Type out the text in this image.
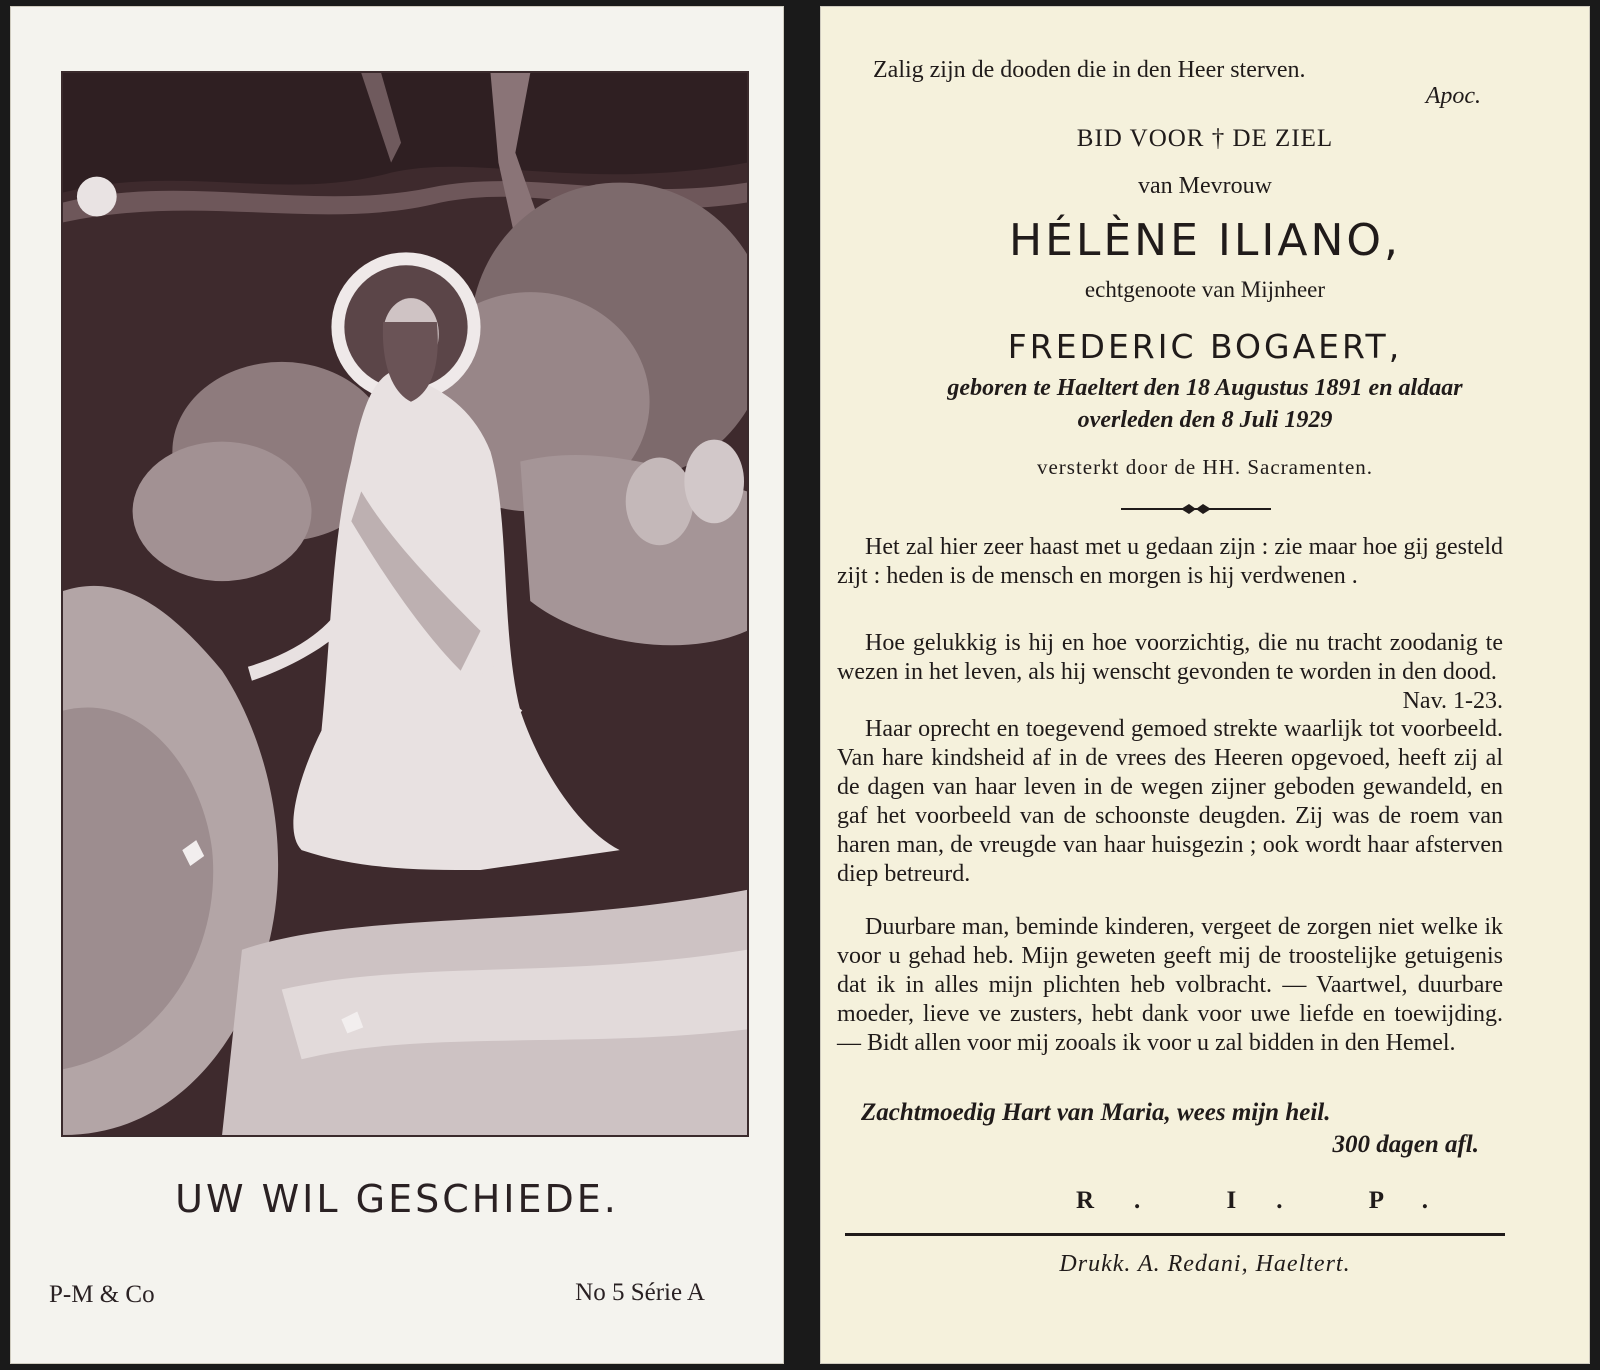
UW WIL GESCHIEDE.
P-M & Co	No 5 Série A
Zalig zijn de dooden die in den Heer sterven.
Apoc.
BID VOOR † DE ZIEL
van Mevrouw
HÉLÈNE ILIANO,
echtgenoote van Mijnheer
FREDERIC BOGAERT,
geboren te Haeltert den 18 Augustus 1891 en aldaar
overleden den 8 Juli 1929
versterkt door de HH. Sacramenten.
Het zal hier zeer haast met u gedaan zijn : zie maar hoe gij gesteld zijt : heden is de mensch en morgen is hij verdwenen .
Hoe gelukkig is hij en hoe voorzichtig, die nu tracht zoodanig te wezen in het leven, als hij wenscht gevonden te worden in den dood.
Nav. 1-23.
Haar oprecht en toegevend gemoed strekte waarlijk tot voorbeeld. Van hare kindsheid af in de vrees des Heeren opgevoed, heeft zij al de dagen van haar leven in de wegen zijner geboden gewandeld, en gaf het voorbeeld van de schoonste deugden. Zij was de roem van haren man, de vreugde van haar huisgezin ; ook wordt haar afsterven diep betreurd.
Duurbare man, beminde kinderen, vergeet de zorgen niet welke ik voor u gehad heb. Mijn geweten geeft mij de troostelijke getuigenis dat ik in alles mijn plichten heb volbracht. — Vaartwel, duurbare moeder, lieve ve zusters, hebt dank voor uwe liefde en toewijding. — Bidt allen voor mij zooals ik voor u zal bidden in den Hemel.
Zachtmoedig Hart van Maria, wees mijn heil.
300 dagen afl.
R. I. P.
Drukk. A. Redani, Haeltert.
